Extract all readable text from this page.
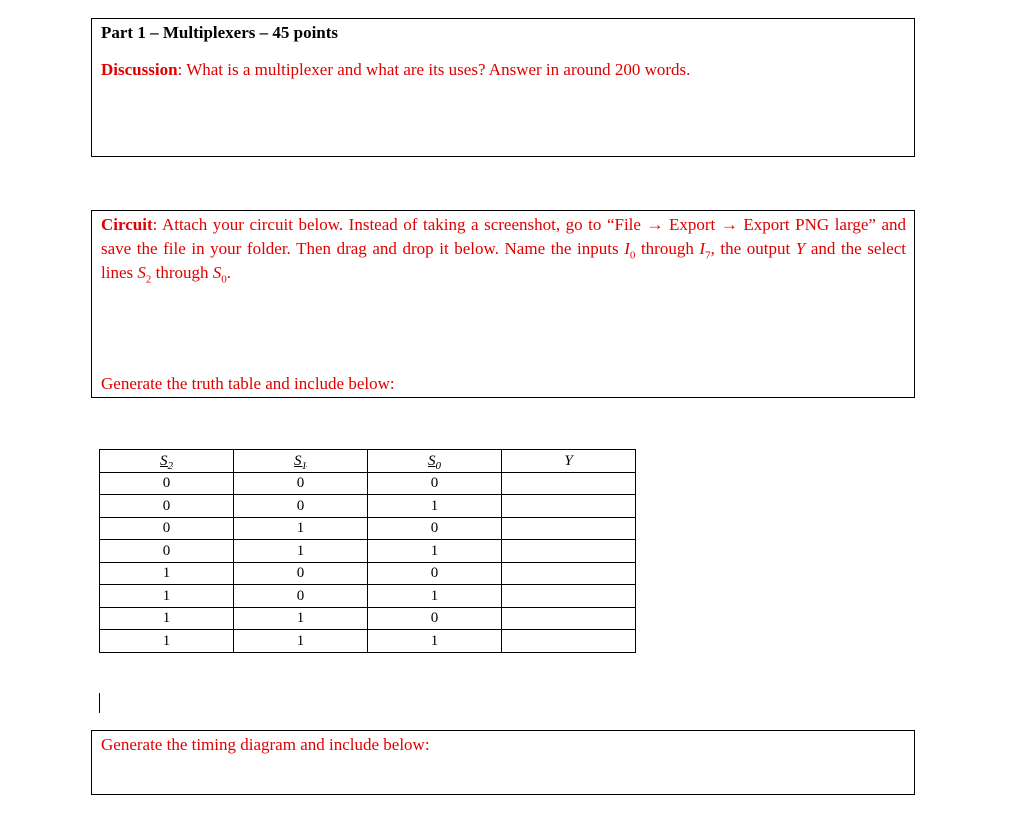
Part 1 – Multiplexers – 45 points
Discussion: What is a multiplexer and what are its uses? Answer in around 200 words.
Circuit: Attach your circuit below. Instead of taking a screenshot, go to “File → Export → Export PNG large” and save the file in your folder. Then drag and drop it below. Name the inputs $I_0$ through $I_7$, the output Y and the select lines $S_2$ through $S_0$.
Generate the truth table and include below:
$S_2$	$S_1$	$S_0$	Y
0	0	0	
0	0	1	
0	1	0	
0	1	1	
1	0	0	
1	0	1	
1	1	0	
1	1	1	
Generate the timing diagram and include below:
